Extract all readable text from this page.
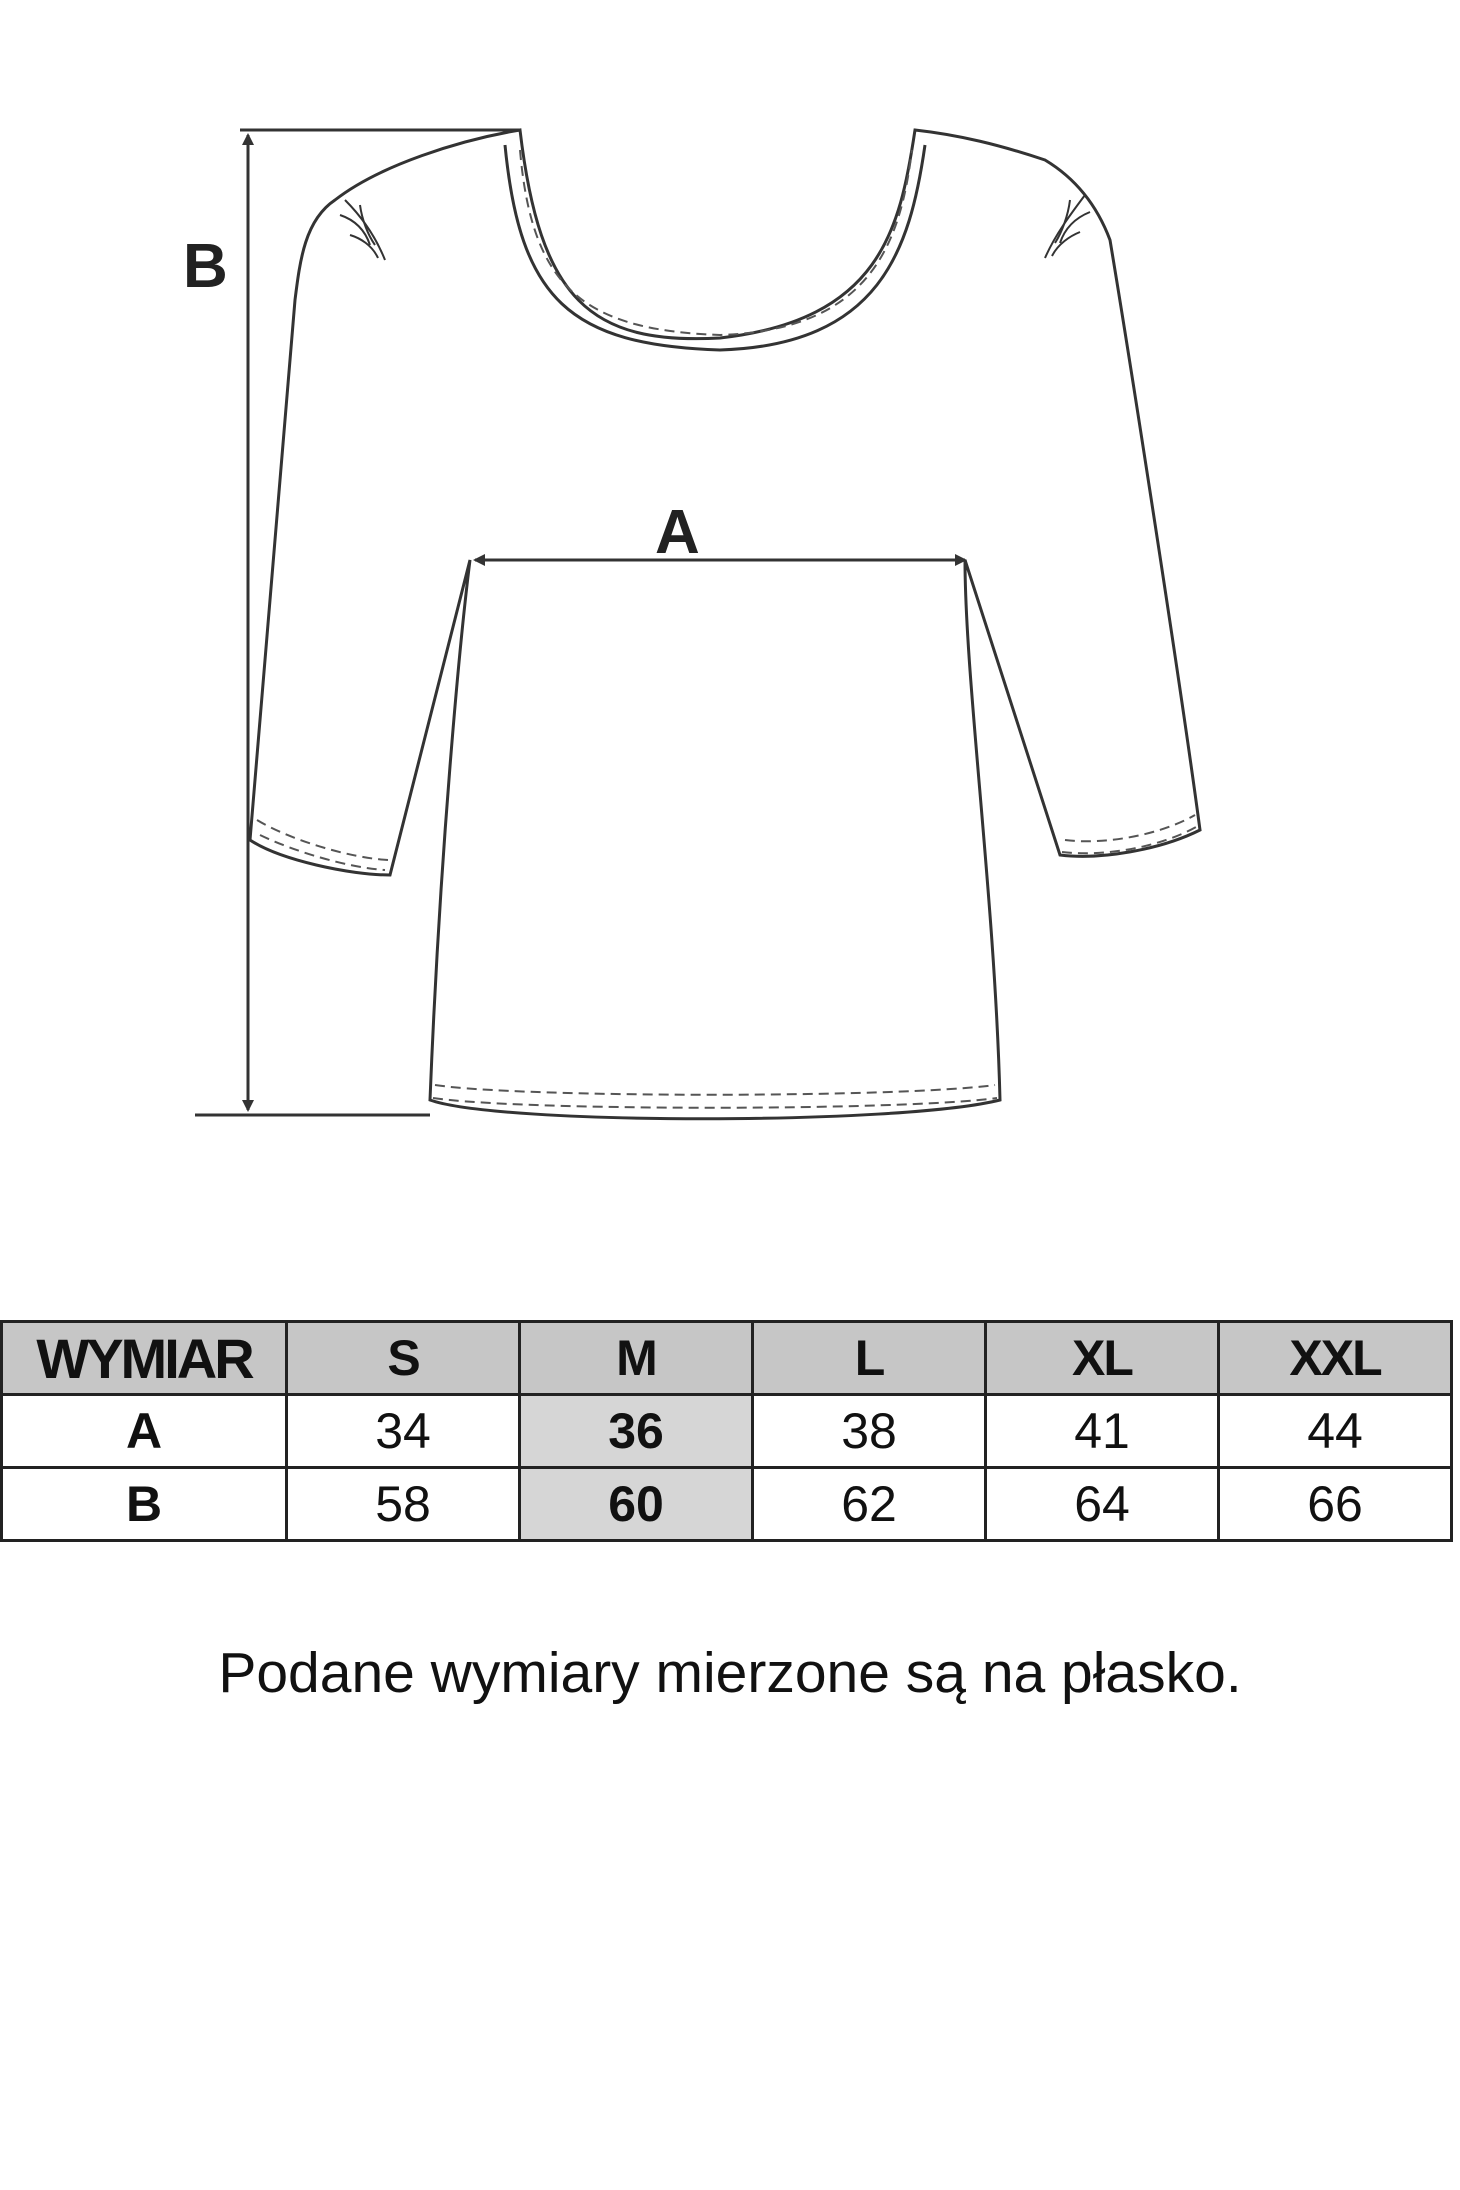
B
A
WYMIAR	S	M	L	XL	XXL
A	34	36	38	41	44
B	58	60	62	64	66
Podane wymiary mierzone są na płasko.
